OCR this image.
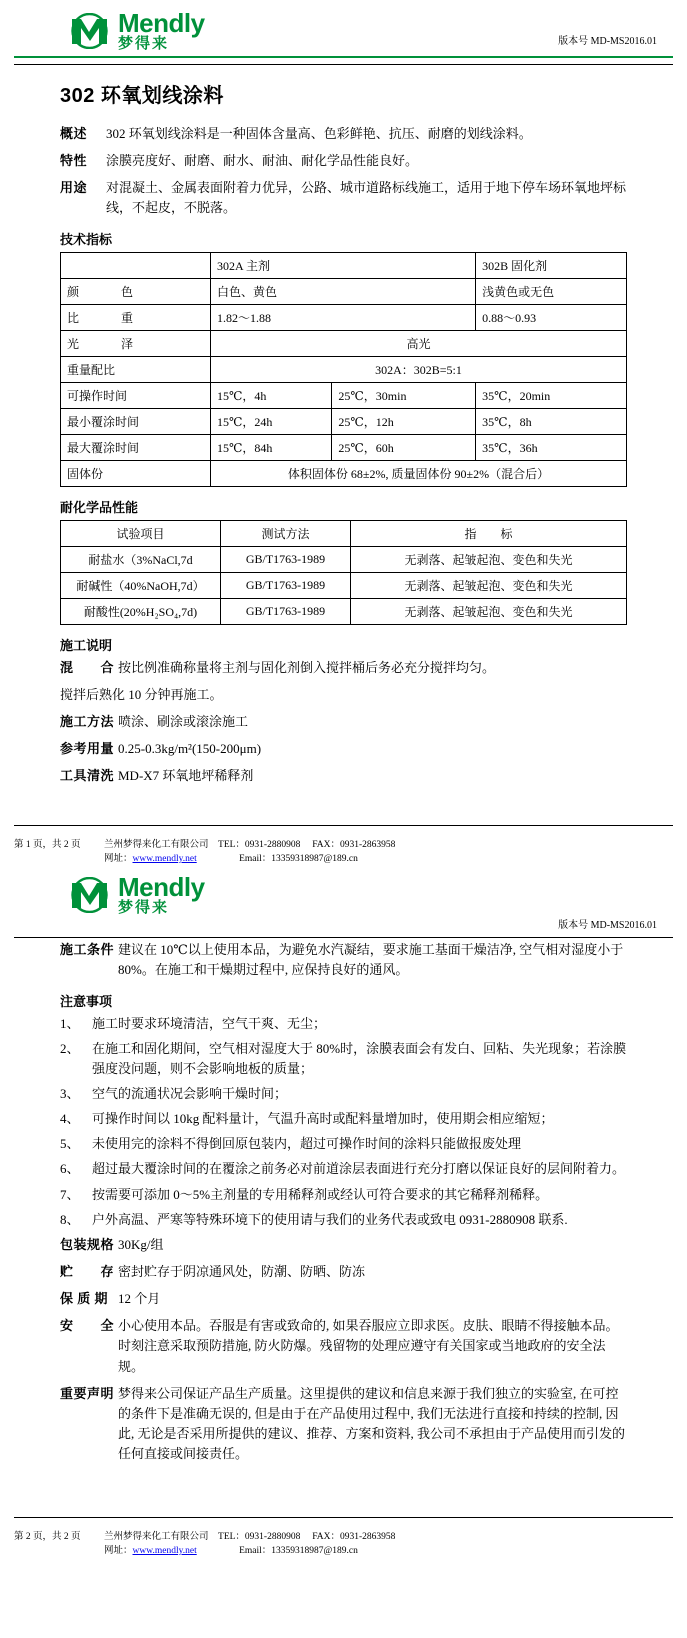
Mendly
梦得来	版本号 MD-MS2016.01
302 环氧划线涂料
概述	302 环氧划线涂料是一种固体含量高、色彩鲜艳、抗压、耐磨的划线涂料。
特性	涂膜亮度好、耐磨、耐水、耐油、耐化学品性能良好。
用途	对混凝土、金属表面附着力优异，公路、城市道路标线施工，适用于地下停车场环氧地坪标线，不起皮，不脱落。
技术指标
	302A 主剂		302B 固化剂
颜　　色	白色、黄色		浅黄色或无色
比　　重	1.82～1.88		0.88～0.93
光　　泽	高光		
重量配比	302A：302B=5:1		
可操作时间	15℃，4h	25℃，30min	35℃，20min
最小覆涂时间	15℃，24h	25℃，12h	35℃，8h
最大覆涂时间	15℃，84h	25℃，60h	35℃，36h
固体份	体积固体份 68±2%, 质量固体份 90±2%（混合后）		
耐化学品性能
试验项目	测试方法	指　　标
耐盐水（3%NaCl,7d	GB/T1763-1989	无剥落、起皱起泡、变色和失光
耐碱性（40%NaOH,7d）	GB/T1763-1989	无剥落、起皱起泡、变色和失光
耐酸性(20%H₂SO₄,7d)	GB/T1763-1989	无剥落、起皱起泡、变色和失光
施工说明
混　　合 按比例准确称量将主剂与固化剂倒入搅拌桶后务必充分搅拌均匀。
搅拌后熟化 10 分钟再施工。
施工方法 喷涂、刷涂或滚涂施工
参考用量 0.25-0.3kg/m²(150-200μm)
工具清洗 MD-X7 环氧地坪稀释剂
第 1 页，共 2 页	兰州梦得来化工有限公司 TEL：0931-2880908 FAX：0931-2863958
网址：www.mendly.net	Email：13359318987@189.cn
Mendly
梦得来
版本号 MD-MS2016.01
施工条件 建议在 10℃以上使用本品，为避免水汽凝结，要求施工基面干燥洁净, 空气相对湿度小于 80%。在施工和干燥期过程中, 应保持良好的通风。
注意事项
1、 施工时要求环境清洁，空气干爽、无尘；
2、 在施工和固化期间，空气相对湿度大于 80%时，涂膜表面会有发白、回粘、失光现象；若涂膜强度没问题，则不会影响地板的质量；
3、 空气的流通状况会影响干燥时间；
4、 可操作时间以 10kg 配料量计，气温升高时或配料量增加时，使用期会相应缩短；
5、 未使用完的涂料不得倒回原包装内，超过可操作时间的涂料只能做报废处理
6、 超过最大覆涂时间的在覆涂之前务必对前道涂层表面进行充分打磨以保证良好的层间附着力。
7、 按需要可添加 0～5%主剂量的专用稀释剂或经认可符合要求的其它稀释剂稀释。
8、 户外高温、严寒等特殊环境下的使用请与我们的业务代表或致电 0931-2880908 联系.
包装规格 30Kg/组
贮　　存 密封贮存于阴凉通风处，防潮、防晒、防冻
保 质 期 12 个月
安　　全 小心使用本品。吞服是有害或致命的, 如果吞服应立即求医。皮肤、眼睛不得接触本品。时刻注意采取预防措施, 防火防爆。残留物的处理应遵守有关国家或当地政府的安全法规。
重要声明 梦得来公司保证产品生产质量。这里提供的建议和信息来源于我们独立的实验室, 在可控的条件下是准确无误的, 但是由于在产品使用过程中, 我们无法进行直接和持续的控制, 因此, 无论是否采用所提供的建议、推荐、方案和资料, 我公司不承担由于产品使用而引发的任何直接或间接责任。
第 2 页，共 2 页	兰州梦得来化工有限公司 TEL：0931-2880908 FAX：0931-2863958
网址：www.mendly.net	Email：13359318987@189.cn
